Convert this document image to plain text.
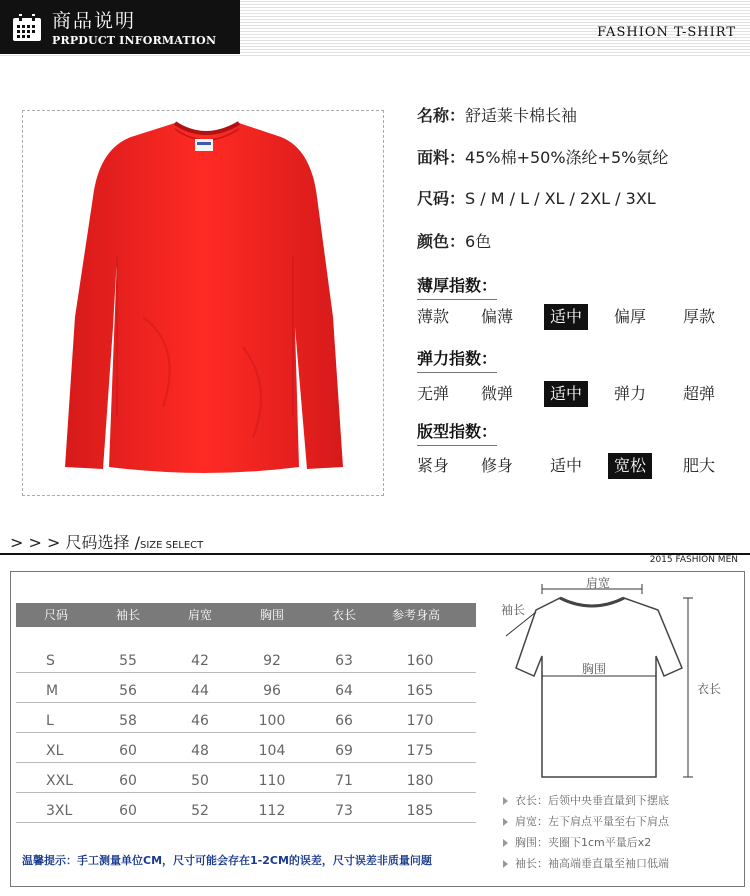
商品说明
PRPDUCT INFORMATION
FASHION T-SHIRT
名称：舒适莱卡棉长袖
面料：45%棉+50%涤纶+5%氨纶
尺码：S / M / L / XL / 2XL / 3XL
颜色：6色
薄厚指数：
薄款 偏薄	适中	偏厚 厚款
弹力指数：
无弹 微弹	适中	弹力 超弹
版型指数：
紧身 修身 适中	宽松	肥大
> > > 尺码选择 /SIZE SELECT
2015 FASHION MEN
尺码	袖长	肩宽	胸围	衣长	参考身高
S	55	42	92	63	160
M	56	44	96	64	165
L	58	46	100	66	170
XL	60	48	104	69	175
XXL	60	50	110	71	180
3XL	60	52	112	73	185
温馨提示：手工测量单位CM，尺寸可能会存在1-2CM的误差，尺寸误差非质量问题
肩宽
袖长
胸围
衣长
衣长：后领中央垂直量到下摆底
肩宽：左下肩点平量至右下肩点
胸围：夹圈下1cm平量后x2
袖长：袖高端垂直量至袖口低端
